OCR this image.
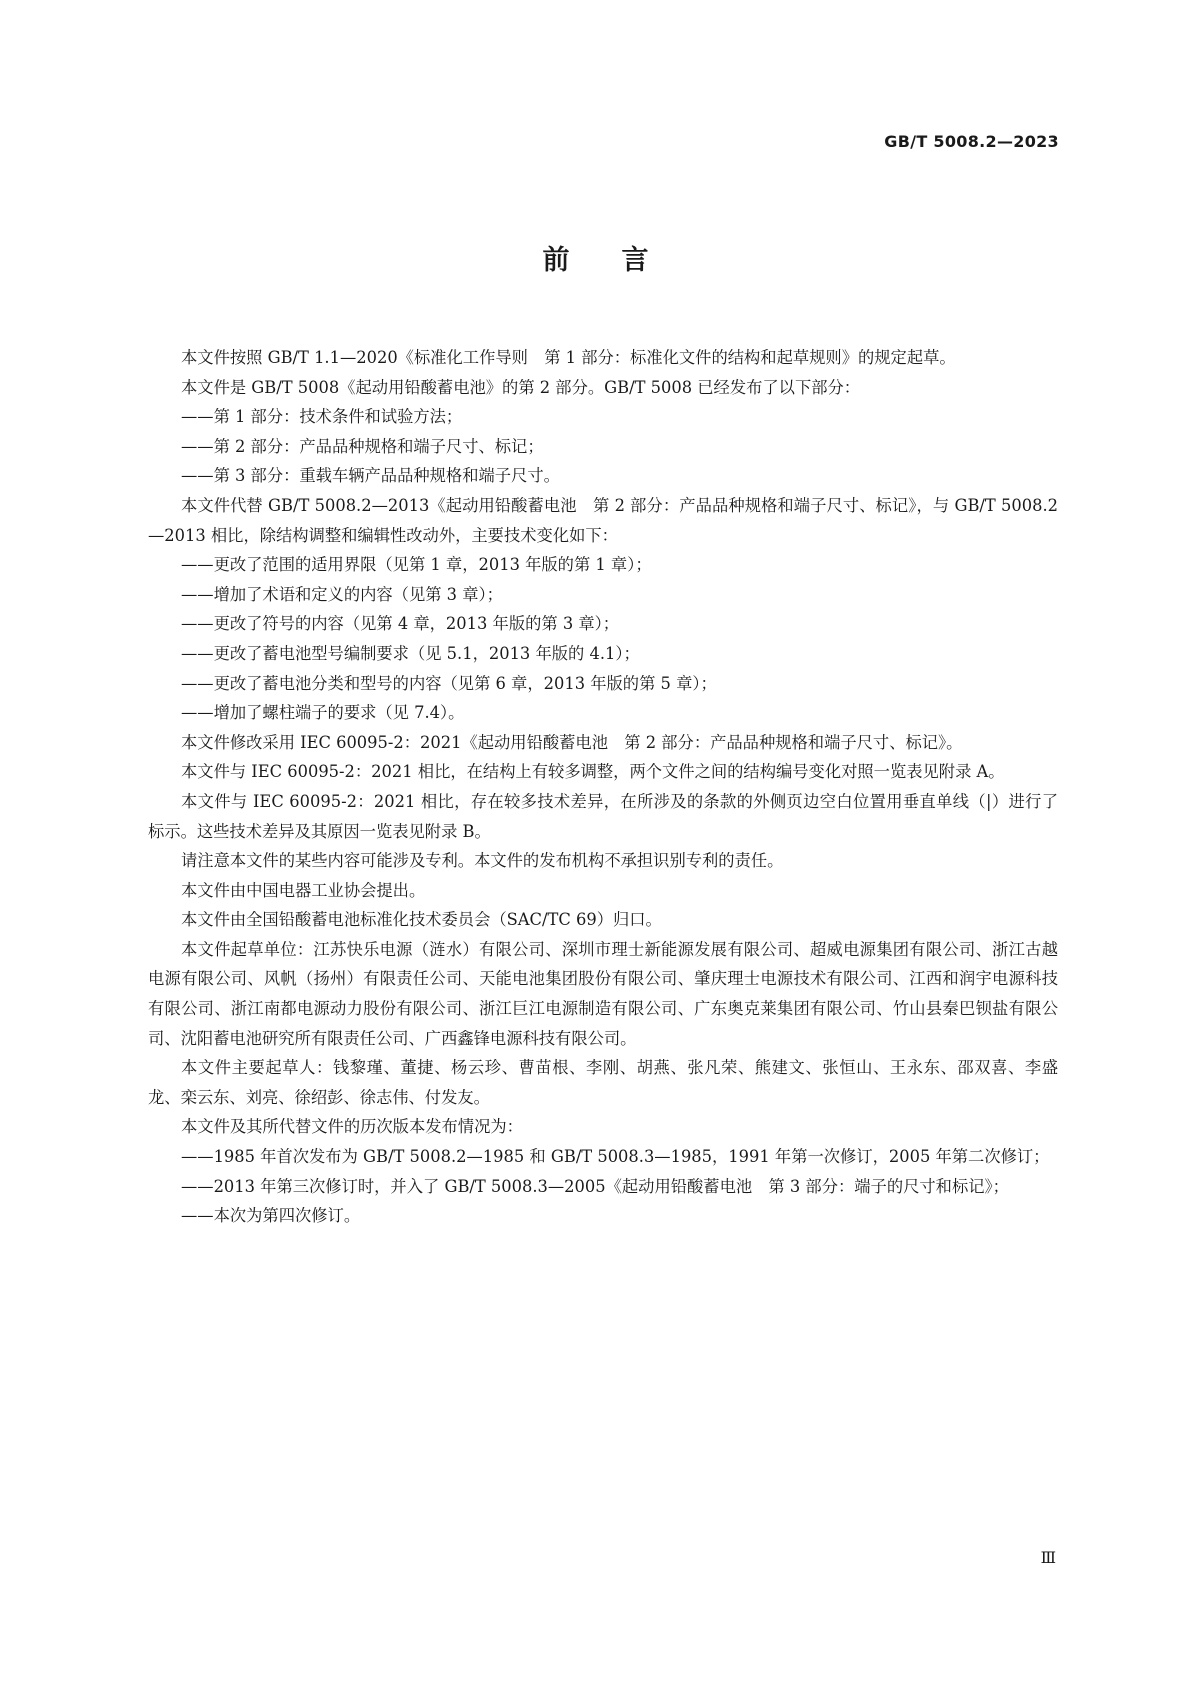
GB/T 5008.2—2023
前言

本文件按照 GB/T 1.1—2020《标准化工作导则　第 1 部分：标准化文件的结构和起草规则》的规定起草。

本文件是 GB/T 5008《起动用铅酸蓄电池》的第 2 部分。GB/T 5008 已经发布了以下部分：

——第 1 部分：技术条件和试验方法；

——第 2 部分：产品品种规格和端子尺寸、标记；

——第 3 部分：重载车辆产品品种规格和端子尺寸。

本文件代替 GB/T 5008.2—2013《起动用铅酸蓄电池　第 2 部分：产品品种规格和端子尺寸、标记》，与 GB/T 5008.2—2013 相比，除结构调整和编辑性改动外，主要技术变化如下：

——更改了范围的适用界限（见第 1 章，2013 年版的第 1 章）；

——增加了术语和定义的内容（见第 3 章）；

——更改了符号的内容（见第 4 章，2013 年版的第 3 章）；

——更改了蓄电池型号编制要求（见 5.1，2013 年版的 4.1）；

——更改了蓄电池分类和型号的内容（见第 6 章，2013 年版的第 5 章）；

——增加了螺柱端子的要求（见 7.4）。

本文件修改采用 IEC 60095-2：2021《起动用铅酸蓄电池　第 2 部分：产品品种规格和端子尺寸、标记》。

本文件与 IEC 60095-2：2021 相比，在结构上有较多调整，两个文件之间的结构编号变化对照一览表见附录 A。

本文件与 IEC 60095-2：2021 相比，存在较多技术差异，在所涉及的条款的外侧页边空白位置用垂直单线（|）进行了标示。这些技术差异及其原因一览表见附录 B。

请注意本文件的某些内容可能涉及专利。本文件的发布机构不承担识别专利的责任。

本文件由中国电器工业协会提出。

本文件由全国铅酸蓄电池标准化技术委员会（SAC/TC 69）归口。

本文件起草单位：江苏快乐电源（涟水）有限公司、深圳市理士新能源发展有限公司、超威电源集团有限公司、浙江古越电源有限公司、风帆（扬州）有限责任公司、天能电池集团股份有限公司、肇庆理士电源技术有限公司、江西和润宇电源科技有限公司、浙江南都电源动力股份有限公司、浙江巨江电源制造有限公司、广东奥克莱集团有限公司、竹山县秦巴钡盐有限公司、沈阳蓄电池研究所有限责任公司、广西鑫锋电源科技有限公司。

本文件主要起草人：钱黎瑾、董捷、杨云珍、曹苗根、李刚、胡燕、张凡荣、熊建文、张恒山、王永东、邵双喜、李盛龙、栾云东、刘亮、徐绍彭、徐志伟、付发友。

本文件及其所代替文件的历次版本发布情况为：

——1985 年首次发布为 GB/T 5008.2—1985 和 GB/T 5008.3—1985，1991 年第一次修订，2005 年第二次修订；

——2013 年第三次修订时，并入了 GB/T 5008.3—2005《起动用铅酸蓄电池　第 3 部分：端子的尺寸和标记》；

——本次为第四次修订。

Ⅲ
